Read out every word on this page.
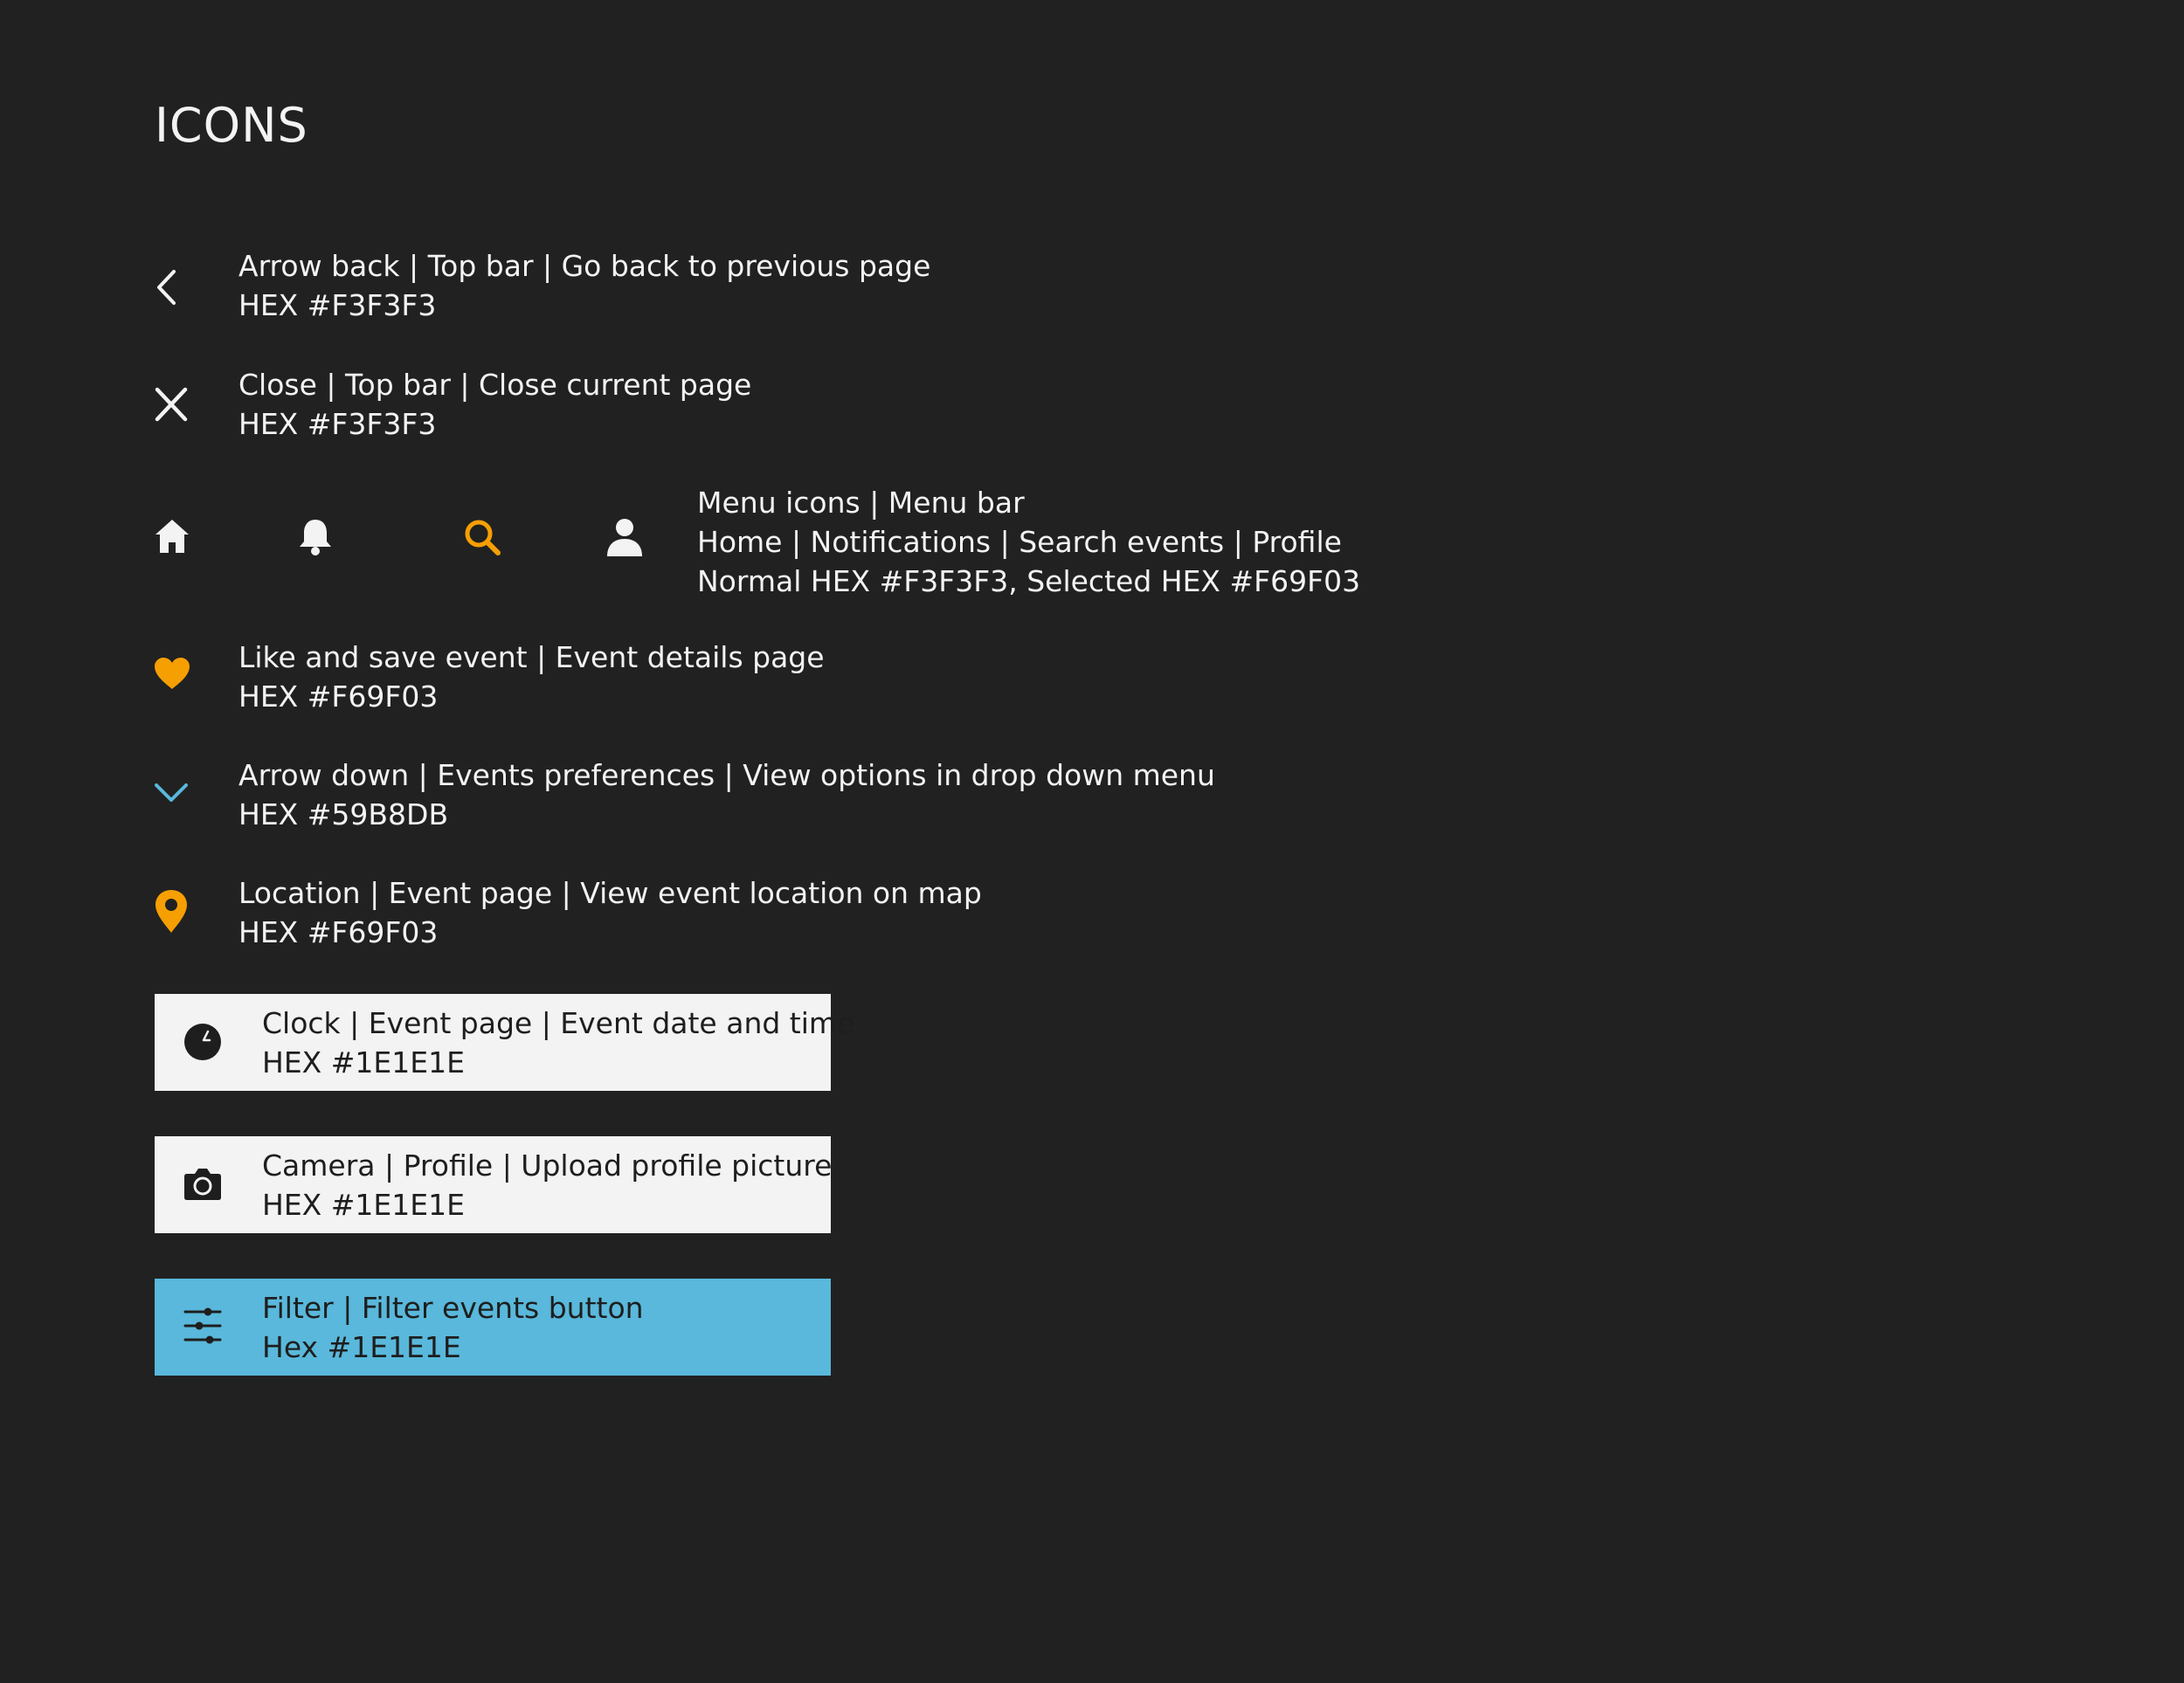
ICONS
Arrow back | Top bar | Go back to previous page
HEX #F3F3F3
Close | Top bar | Close current page
HEX #F3F3F3
Menu icons | Menu bar
Home | Notifications | Search events | Profile
Normal HEX #F3F3F3, Selected HEX #F69F03
Like and save event | Event details page
HEX #F69F03
Arrow down | Events preferences | View options in drop down menu
HEX #59B8DB
Location | Event page | View event location on map
HEX #F69F03
Clock | Event page | Event date and time
HEX #1E1E1E
Camera | Profile | Upload profile picture
HEX #1E1E1E
Filter | Filter events button
Hex #1E1E1E
